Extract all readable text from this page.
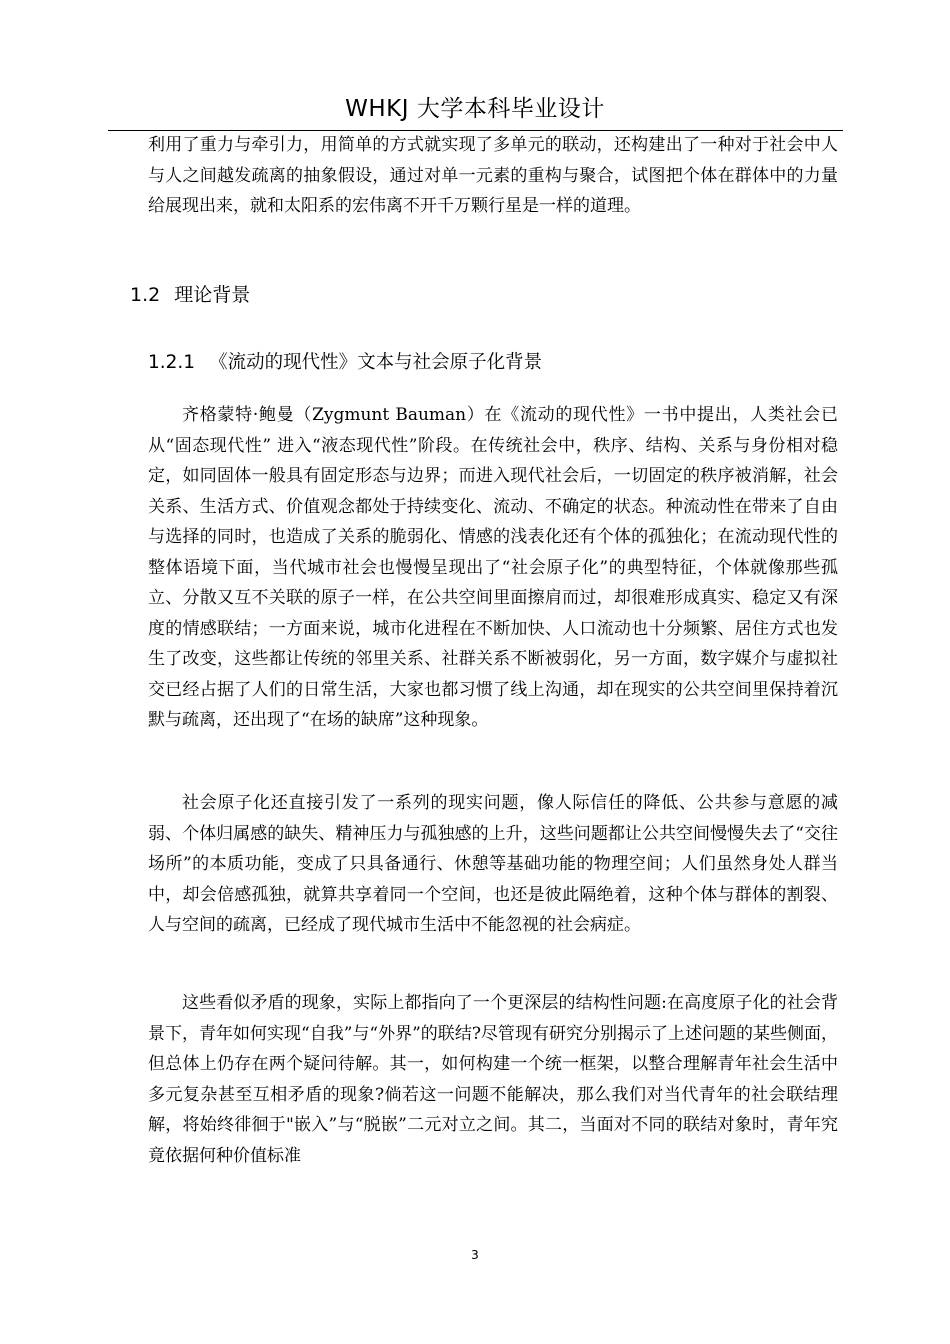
WHKJ 大学本科毕业设计

利用了重力与牵引力，用简单的方式就实现了多单元的联动，还构建出了一种对于社会中人与人之间越发疏离的抽象假设，通过对单一元素的重构与聚合，试图把个体在群体中的力量给展现出来，就和太阳系的宏伟离不开千万颗行星是一样的道理。

1.2 理论背景
1.2.1 《流动的现代性》文本与社会原子化背景

齐格蒙特·鲍曼（Zygmunt Bauman）在《流动的现代性》一书中提出，人类社会已从“固态现代性” 进入“液态现代性”阶段。在传统社会中，秩序、结构、关系与身份相对稳定，如同固体一般具有固定形态与边界；而进入现代社会后，一切固定的秩序被消解，社会关系、生活方式、价值观念都处于持续变化、流动、不确定的状态。种流动性在带来了自由与选择的同时，也造成了关系的脆弱化、情感的浅表化还有个体的孤独化；在流动现代性的整体语境下面，当代城市社会也慢慢呈现出了“社会原子化”的典型特征，个体就像那些孤立、分散又互不关联的原子一样，在公共空间里面擦肩而过，却很难形成真实、稳定又有深度的情感联结；一方面来说，城市化进程在不断加快、人口流动也十分频繁、居住方式也发生了改变，这些都让传统的邻里关系、社群关系不断被弱化，另一方面，数字媒介与虚拟社交已经占据了人们的日常生活，大家也都习惯了线上沟通，却在现实的公共空间里保持着沉默与疏离，还出现了“在场的缺席”这种现象。

社会原子化还直接引发了一系列的现实问题，像人际信任的降低、公共参与意愿的减弱、个体归属感的缺失、精神压力与孤独感的上升，这些问题都让公共空间慢慢失去了“交往场所”的本质功能，变成了只具备通行、休憩等基础功能的物理空间；人们虽然身处人群当中，却会倍感孤独，就算共享着同一个空间，也还是彼此隔绝着，这种个体与群体的割裂、人与空间的疏离，已经成了现代城市生活中不能忽视的社会病症。

这些看似矛盾的现象，实际上都指向了一个更深层的结构性问题:在高度原子化的社会背景下，青年如何实现“自我”与“外界”的联结?尽管现有研究分别揭示了上述问题的某些侧面，但总体上仍存在两个疑问待解。其一，如何构建一个统一框架，以整合理解青年社会生活中多元复杂甚至互相矛盾的现象?倘若这一问题不能解决，那么我们对当代青年的社会联结理解，将始终徘徊于"嵌入”与“脱嵌”二元对立之间。其二，当面对不同的联结对象时，青年究竟依据何种价值标准

3
